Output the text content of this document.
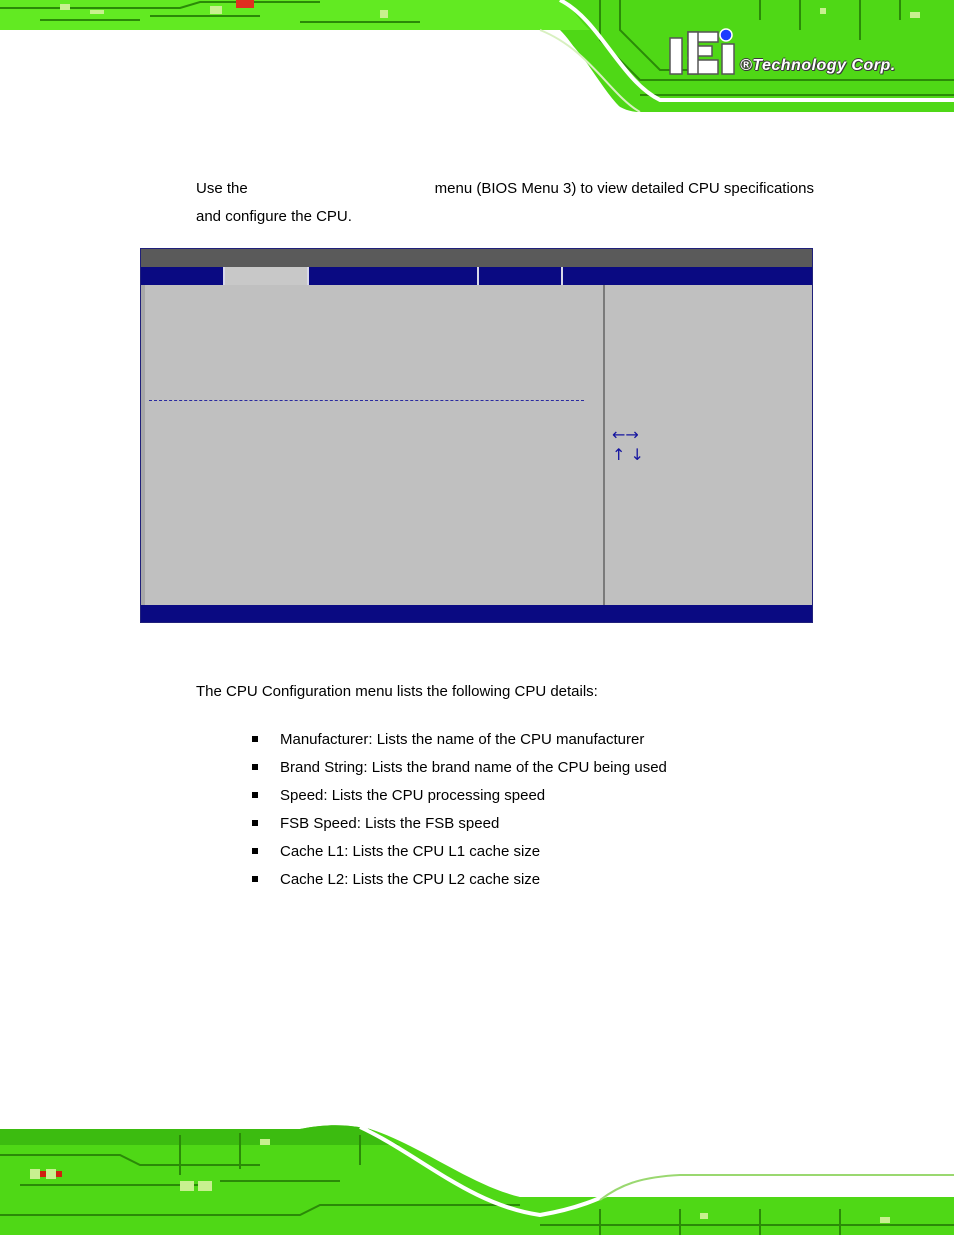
®Technology Corp.
Use the	menu (BIOS Menu 3) to view detailed CPU specifications
and configure the CPU.
←→
↑ ↓
The CPU Configuration menu lists the following CPU details:
Manufacturer: Lists the name of the CPU manufacturer
Brand String: Lists the brand name of the CPU being used
Speed: Lists the CPU processing speed
FSB Speed: Lists the FSB speed
Cache L1: Lists the CPU L1 cache size
Cache L2: Lists the CPU L2 cache size
